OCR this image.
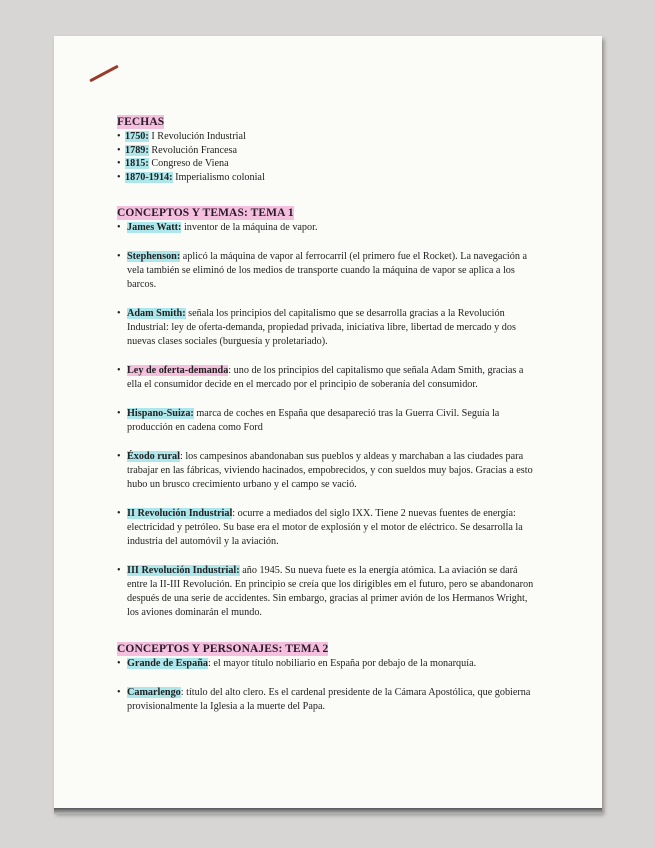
FECHAS
• 1750: I Revolución Industrial
• 1789: Revolución Francesa
• 1815: Congreso de Viena
• 1870-1914: Imperialismo colonial
CONCEPTOS Y TEMAS: TEMA 1
• James Watt: inventor de la máquina de vapor.
• Stephenson: aplicó la máquina de vapor al ferrocarril (el primero fue el Rocket). La navegación a vela también se eliminó de los medios de transporte cuando la máquina de vapor se aplica a los barcos.
• Adam Smith: señala los principios del capitalismo que se desarrolla gracias a la Revolución Industrial: ley de oferta-demanda, propiedad privada, iniciativa libre, libertad de mercado y dos nuevas clases sociales (burguesía y proletariado).
• Ley de oferta-demanda: uno de los principios del capitalismo que señala Adam Smith, gracias a ella el consumidor decide en el mercado por el principio de soberanía del consumidor.
• Hispano-Suiza: marca de coches en España que desapareció tras la Guerra Civil. Seguía la producción en cadena como Ford
• Éxodo rural: los campesinos abandonaban sus pueblos y aldeas y marchaban a las ciudades para trabajar en las fábricas, viviendo hacinados, empobrecidos, y con sueldos muy bajos. Gracias a esto hubo un brusco crecimiento urbano y el campo se vació.
• II Revolución Industrial: ocurre a mediados del siglo IXX. Tiene 2 nuevas fuentes de energía: electricidad y petróleo. Su base era el motor de explosión y el motor de eléctrico. Se desarrolla la industria del automóvil y la aviación.
• III Revolución Industrial: año 1945. Su nueva fuete es la energía atómica. La aviación se dará entre la II-III Revolución. En principio se creía que los dirigibles em el futuro, pero se abandonaron después de una serie de accidentes. Sin embargo, gracias al primer avión de los Hermanos Wright, los aviones dominarán el mundo.
CONCEPTOS Y PERSONAJES: TEMA 2
• Grande de España: el mayor título nobiliario en España por debajo de la monarquía.
• Camarlengo: título del alto clero. Es el cardenal presidente de la Cámara Apostólica, que gobierna provisionalmente la Iglesia a la muerte del Papa.
